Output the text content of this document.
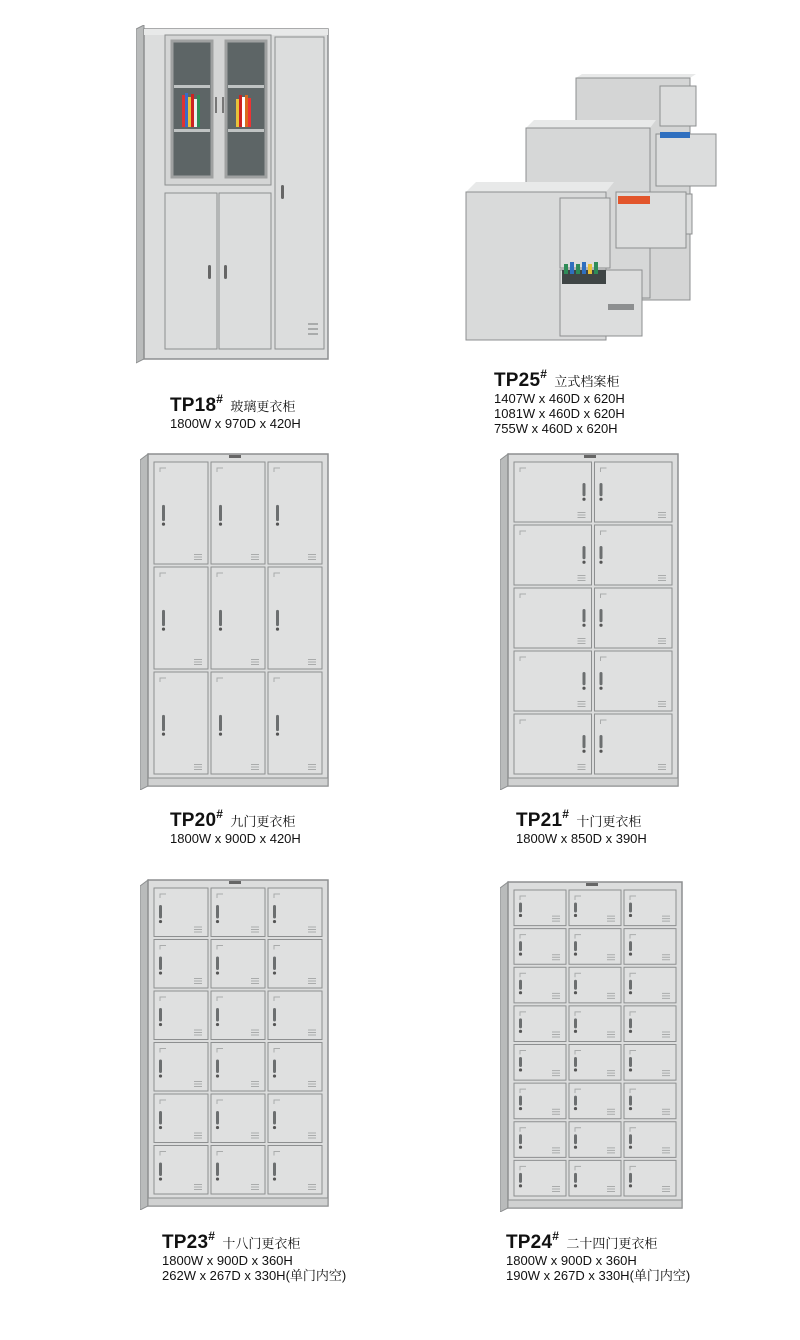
TP18# 玻璃更衣柜
1800W x 970D x 420H
TP25# 立式档案柜
1407W x 460D x 620H
1081W x 460D x 620H
755W x 460D x 620H
TP20# 九门更衣柜
1800W x 900D x 420H
TP21# 十门更衣柜
1800W x 850D x 390H
TP23# 十八门更衣柜
1800W x 900D x 360H
262W x 267D x 330H(单门内空)
TP24# 二十四门更衣柜
1800W x 900D x 360H
190W x 267D x 330H(单门内空)
